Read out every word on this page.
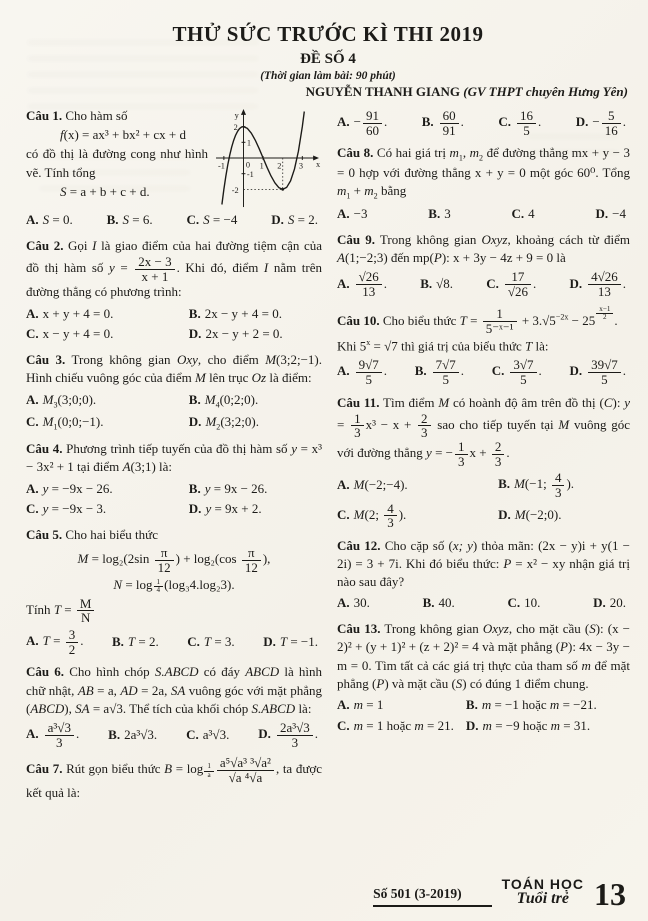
THỬ SỨC TRƯỚC KÌ THI 2019
ĐỀ SỐ 4
(Thời gian làm bài: 90 phút)
NGUYỄN THANH GIANG (GV THPT chuyên Hưng Yên)
y
x
0
2
1
-1
-2
-1	1 2 3

Câu 1. Cho hàm số

f(x) = ax³ + bx² + cx + d

có đồ thị là đường cong như hình vẽ. Tính tổng

S = a + b + c + d.

A. S = 0.	B. S = 6.	C. S = −4	D. S = 2.

Câu 2. Gọi I là giao điểm của hai đường tiệm cận của đồ thị hàm số $y = \frac{2x - 3}{x + 1}$ . Khi đó, điểm I nằm trên đường thẳng có phương trình:

A. x + y + 4 = 0.	B. 2x − y + 4 = 0.
C. x − y + 4 = 0.	D. 2x − y + 2 = 0.

Câu 3. Trong không gian Oxy, cho điểm M(3;2;−1). Hình chiếu vuông góc của điểm M lên trục Oz là điểm:

A. $M_3(3;0;0)$.	B. $M_4(0;2;0)$.
C. $M_1(0;0;-1)$.	D. $M_2(3;2;0)$.

Câu 4. Phương trình tiếp tuyến của đồ thị hàm số y = x³ − 3x² + 1 tại điểm A(3;1) là:

A. y = −9x − 26.	B. y = 9x − 26.
C. y = −9x − 3.	D. y = 9x + 2.

Câu 5. Cho hai biểu thức

$M = \log_2(2\sin \frac{\pi}{12}$ ) + $\log_2(\cos \frac{\pi}{12}$ ),

$N = \log \frac{1}{4} (\log_34.\log_23)$.

Tính $T = \frac{M}{N}$

A. $T = \frac{3}{2}$ . B. T = 2. C. T = 3. D. T = −1.

Câu 6. Cho hình chóp S.ABCD có đáy ABCD là hình chữ nhật, AB = a, AD = 2a, SA vuông góc với mặt phẳng (ABCD), SA = a√3. Thể tích của khối chóp S.ABCD là:

A. $\frac{\text{a³√3}}{3}$ . B. 2a³√3. C. a³√3. D. $\frac{\text{2a³√3}}{3}$ .

Câu 7. Rút gọn biểu thức $B = \log \frac{1}{a} \frac{\text{a⁵√a³ ³√a²}}{\text{√a ⁴√a}}$ , ta được kết quả là:

A. − $\frac{91}{60}$ .	B. $\frac{60}{91}$ .	C. $\frac{16}{5}$ .	D. − $\frac{5}{16}$ .

Câu 8. Có hai giá trị $m_1$, $m_2$ để đường thẳng mx + y − 3 = 0 hợp với đường thẳng x + y = 0 một góc 60⁰. Tổng $m_1 + m_2$ bằng

A. −3	B. 3	C. 4	D. −4

Câu 9. Trong không gian Oxyz, khoảng cách từ điểm A(1;−2;3) đến mp(P): x + 3y − 4z + 9 = 0 là

A. $\frac{√26}{13}$ .	B. √8.	C. $\frac{17}{√26}$ .	D. $\frac{4√26}{13}$ .

Câu 10. Cho biểu thức $T = \frac{1}{\text{5⁻ˣ⁻¹}} + 3.√5^{-2x} - 25 \frac{x-1}{2}$ .

Khi $5^x = √7$ thì giá trị của biểu thức T là:

A. $\frac{9√7}{5}$ . B. $\frac{7√7}{5}$ . C. $\frac{3√7}{5}$ . D. $\frac{39√7}{5}$ .

Câu 11. Tìm điểm M có hoành độ âm trên đồ thị (C): $y = \frac{1}{3} x^3 - x + \frac{2}{3}$ sao cho tiếp tuyến tại M vuông góc với đường thẳng y = − $\frac{1}{3}$ $x + \frac{2}{3}$ .

A. M(−2;−4).	B. M(−1; $\frac{4}{3}$ ).
C. M(2; $\frac{4}{3}$ ).	D. M(−2;0).

Câu 12. Cho cặp số (x; y) thỏa mãn: (2x − y)i + y(1 − 2i) = 3 + 7i. Khi đó biểu thức: P = x² − xy nhận giá trị nào sau đây?

A. 30.	B. 40.	C. 10.	D. 20.

Câu 13. Trong không gian Oxyz, cho mặt cầu (S): (x − 2)² + (y + 1)² + (z + 2)² = 4 và mặt phẳng (P): 4x − 3y − m = 0. Tìm tất cả các giá trị thực của tham số m để mặt phẳng (P) và mặt cầu (S) có đúng 1 điểm chung.

A. m = 1	B. m = −1 hoặc m = −21.
C. m = 1 hoặc m = 21. D. m = −9 hoặc m = 31.
Số 501 (3-2019)
TOÁN HỌC
Tuổi trẻ 13
